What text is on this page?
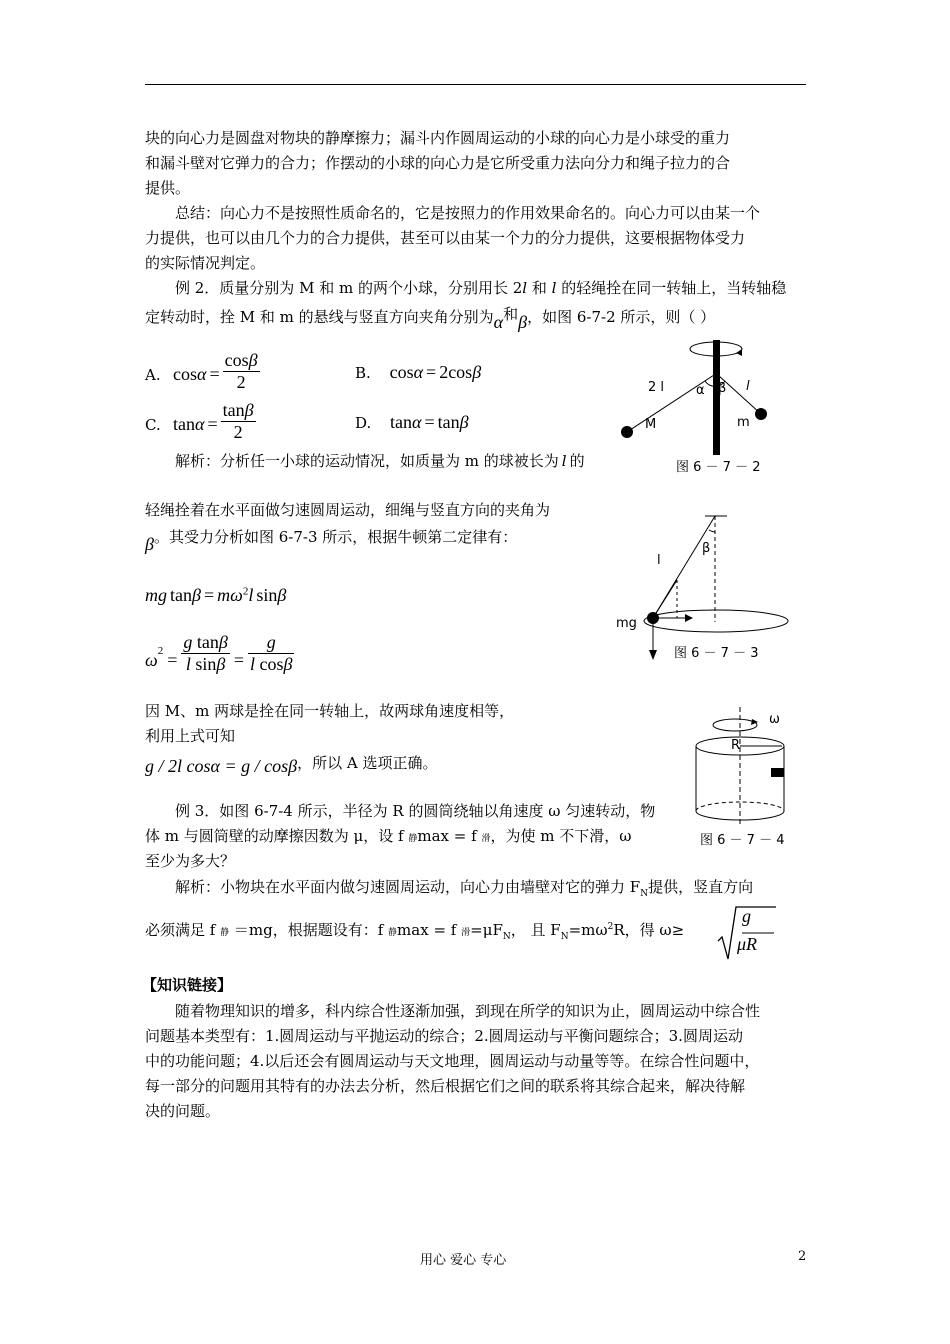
块的向心力是圆盘对物块的静摩擦力；漏斗内作圆周运动的小球的向心力是小球受的重力
和漏斗壁对它弹力的合力；作摆动的小球的向心力是它所受重力法向分力和绳子拉力的合
提供。
总结：向心力不是按照性质命名的，它是按照力的作用效果命名的。向心力可以由某一个
力提供，也可以由几个力的合力提供，甚至可以由某一个力的分力提供，这要根据物体受力
的实际情况判定。
例 2．质量分别为 M 和 m 的两个小球，分别用长 2l 和 l 的轻绳拴在同一转轴上，当转轴稳
定转动时，拴 M 和 m 的悬线与竖直方向夹角分别为α和β，如图 6-7-2 所示，则（ ）
A. $\cos\alpha = \frac{\cos\beta}{2}$	B. cosα = 2cosβ
C. $\tan\alpha = \frac{\tan\beta}{2}$	D. tanα = tanβ
解析：分析任一小球的运动情况，如质量为 m 的球被长为 l 的
轻绳拴着在水平面做匀速圆周运动，细绳与竖直方向的夹角为
β。其受力分析如图 6-7-3 所示，根据牛顿第二定律有：
mg $\tan\beta = m\omega^2l$ sinβ
$\omega^2 = \frac{\text{g tanβ}}{\text{l sinβ}} = \frac{g}{\text{l cosβ}}$
因 M、m 两球是拴在同一转轴上，故两球角速度相等，
利用上式可知
g / 2l cosα = g / cosβ，所以 A 选项正确。
例 3．如图 6-7-4 所示，半径为 R 的圆筒绕轴以角速度 ω 匀速转动，物
体 m 与圆筒壁的动摩擦因数为 μ，设 f 静max = f 滑，为使 m 不下滑，ω
至少为多大？
解析：小物块在水平面内做匀速圆周运动，向心力由墙壁对它的弹力 $F_N$提供，竖直方向
必须满足 f 静 ＝mg，根据题设有：f 静max = f 滑$=\mu F_N$， 且 $F_N=m\omega^2R$，得 ω≥
g
μR
【知识链接】
随着物理知识的增多，科内综合性逐渐加强，到现在所学的知识为止，圆周运动中综合性
问题基本类型有：1.圆周运动与平抛运动的综合；2.圆周运动与平衡问题综合；3.圆周运动
中的功能问题；4.以后还会有圆周运动与天文地理，圆周运动与动量等等。在综合性问题中，
每一部分的问题用其特有的办法去分析，然后根据它们之间的联系将其综合起来，解决待解
决的问题。
2 l α β l
M	m
图 6 － 7 － 2
β
l
mg
图 6 － 7 － 3
ω
R
图 6 － 7 － 4
用心 爱心 专心	2
